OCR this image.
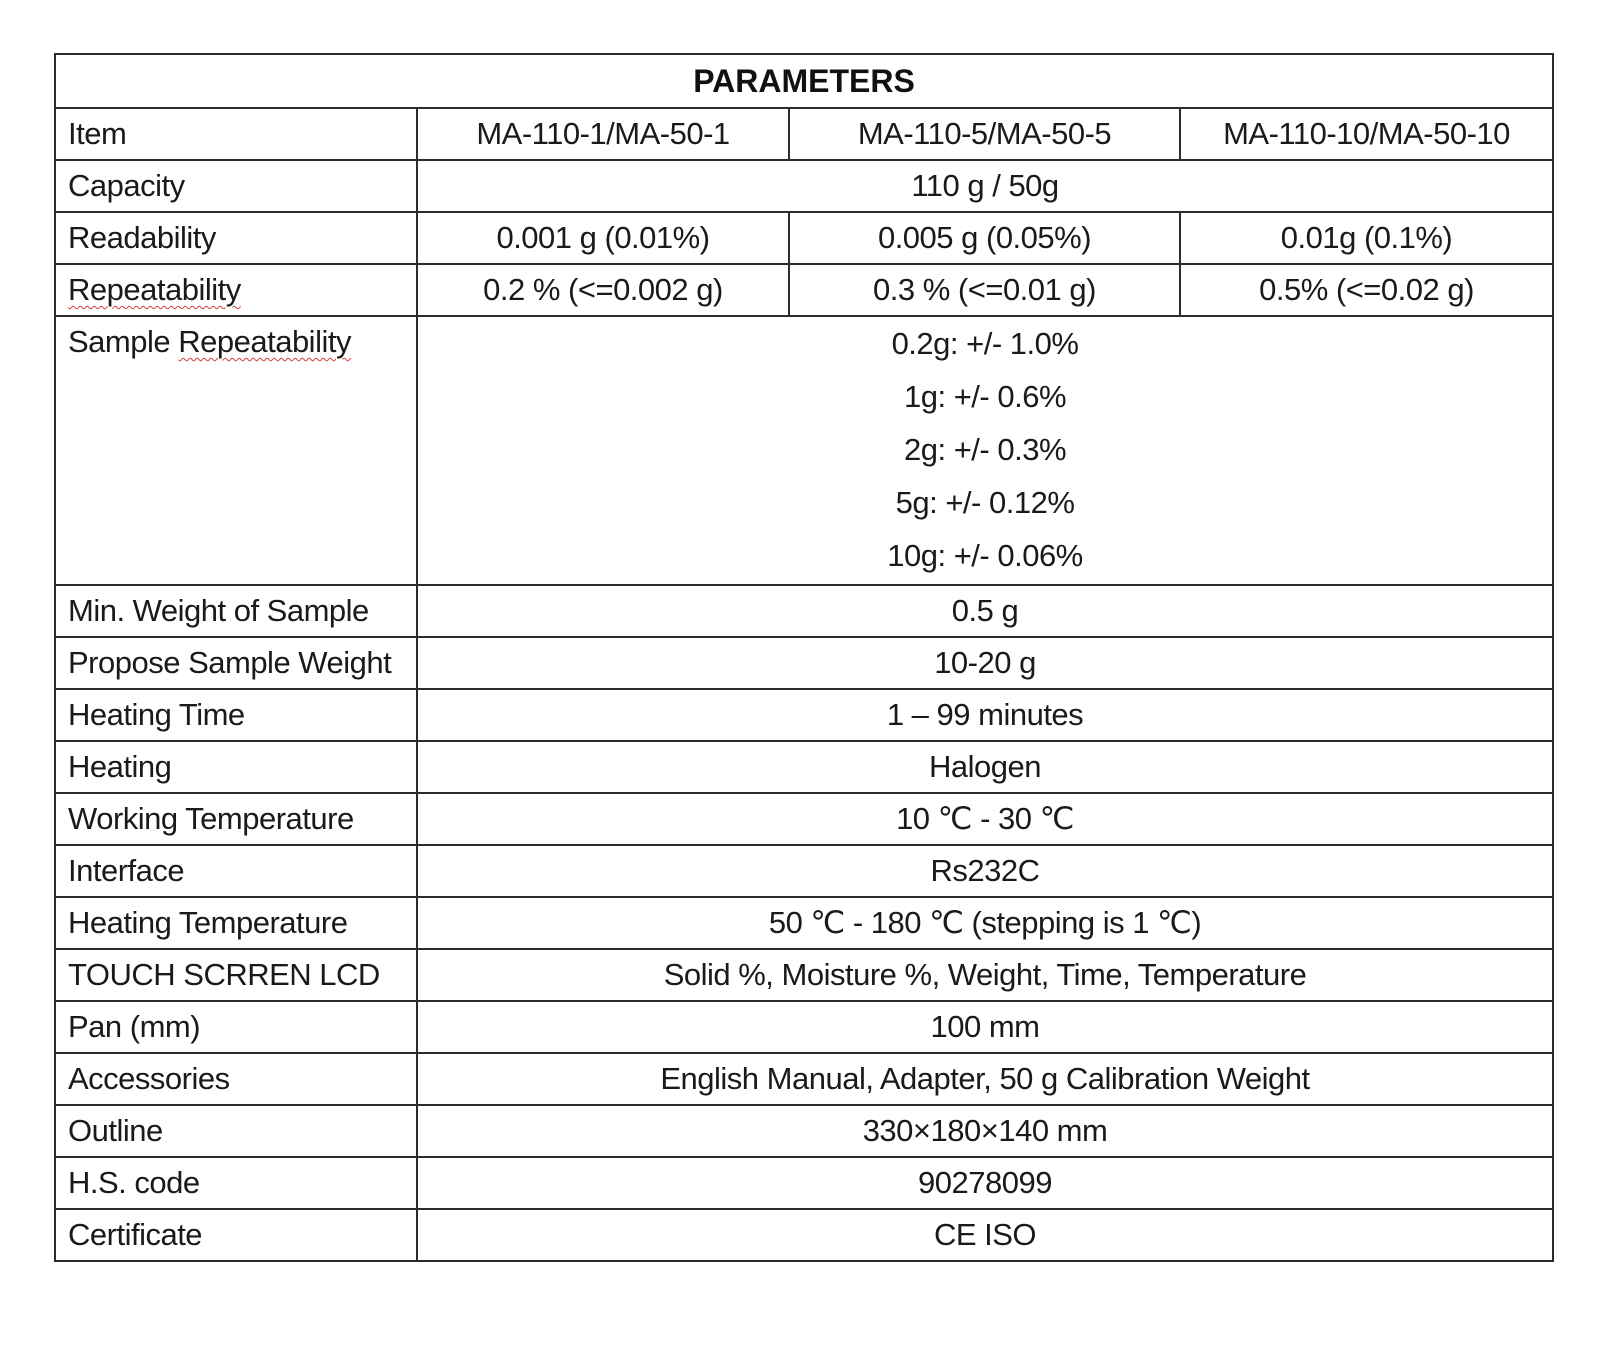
PARAMETERS			
Item	MA-110-1/MA-50-1	MA-110-5/MA-50-5	MA-110-10/MA-50-10
Capacity	110 g / 50g		
Readability	0.001 g (0.01%)	0.005 g (0.05%)	0.01g (0.1%)
Repeatability	0.2 % (<=0.002 g)	0.3 % (<=0.01 g)	0.5% (<=0.02 g)
Sample Repeatability	0.2g: +/- 1.0%
1g: +/- 0.6%
2g: +/- 0.3%
5g: +/- 0.12%
10g: +/- 0.06%		

Min. Weight of Sample	0.5 g		
Propose Sample Weight	10-20 g		
Heating Time	1 – 99 minutes		
Heating	Halogen		
Working Temperature	10 ℃ - 30 ℃		
Interface	Rs232C		
Heating Temperature	50 ℃ - 180 ℃ (stepping is 1 ℃)		
TOUCH SCRREN LCD	Solid %, Moisture %, Weight, Time, Temperature		
Pan (mm)	100 mm		
Accessories	English Manual, Adapter, 50 g Calibration Weight		
Outline	330×180×140 mm		
H.S. code	90278099		
Certificate	CE ISO		
